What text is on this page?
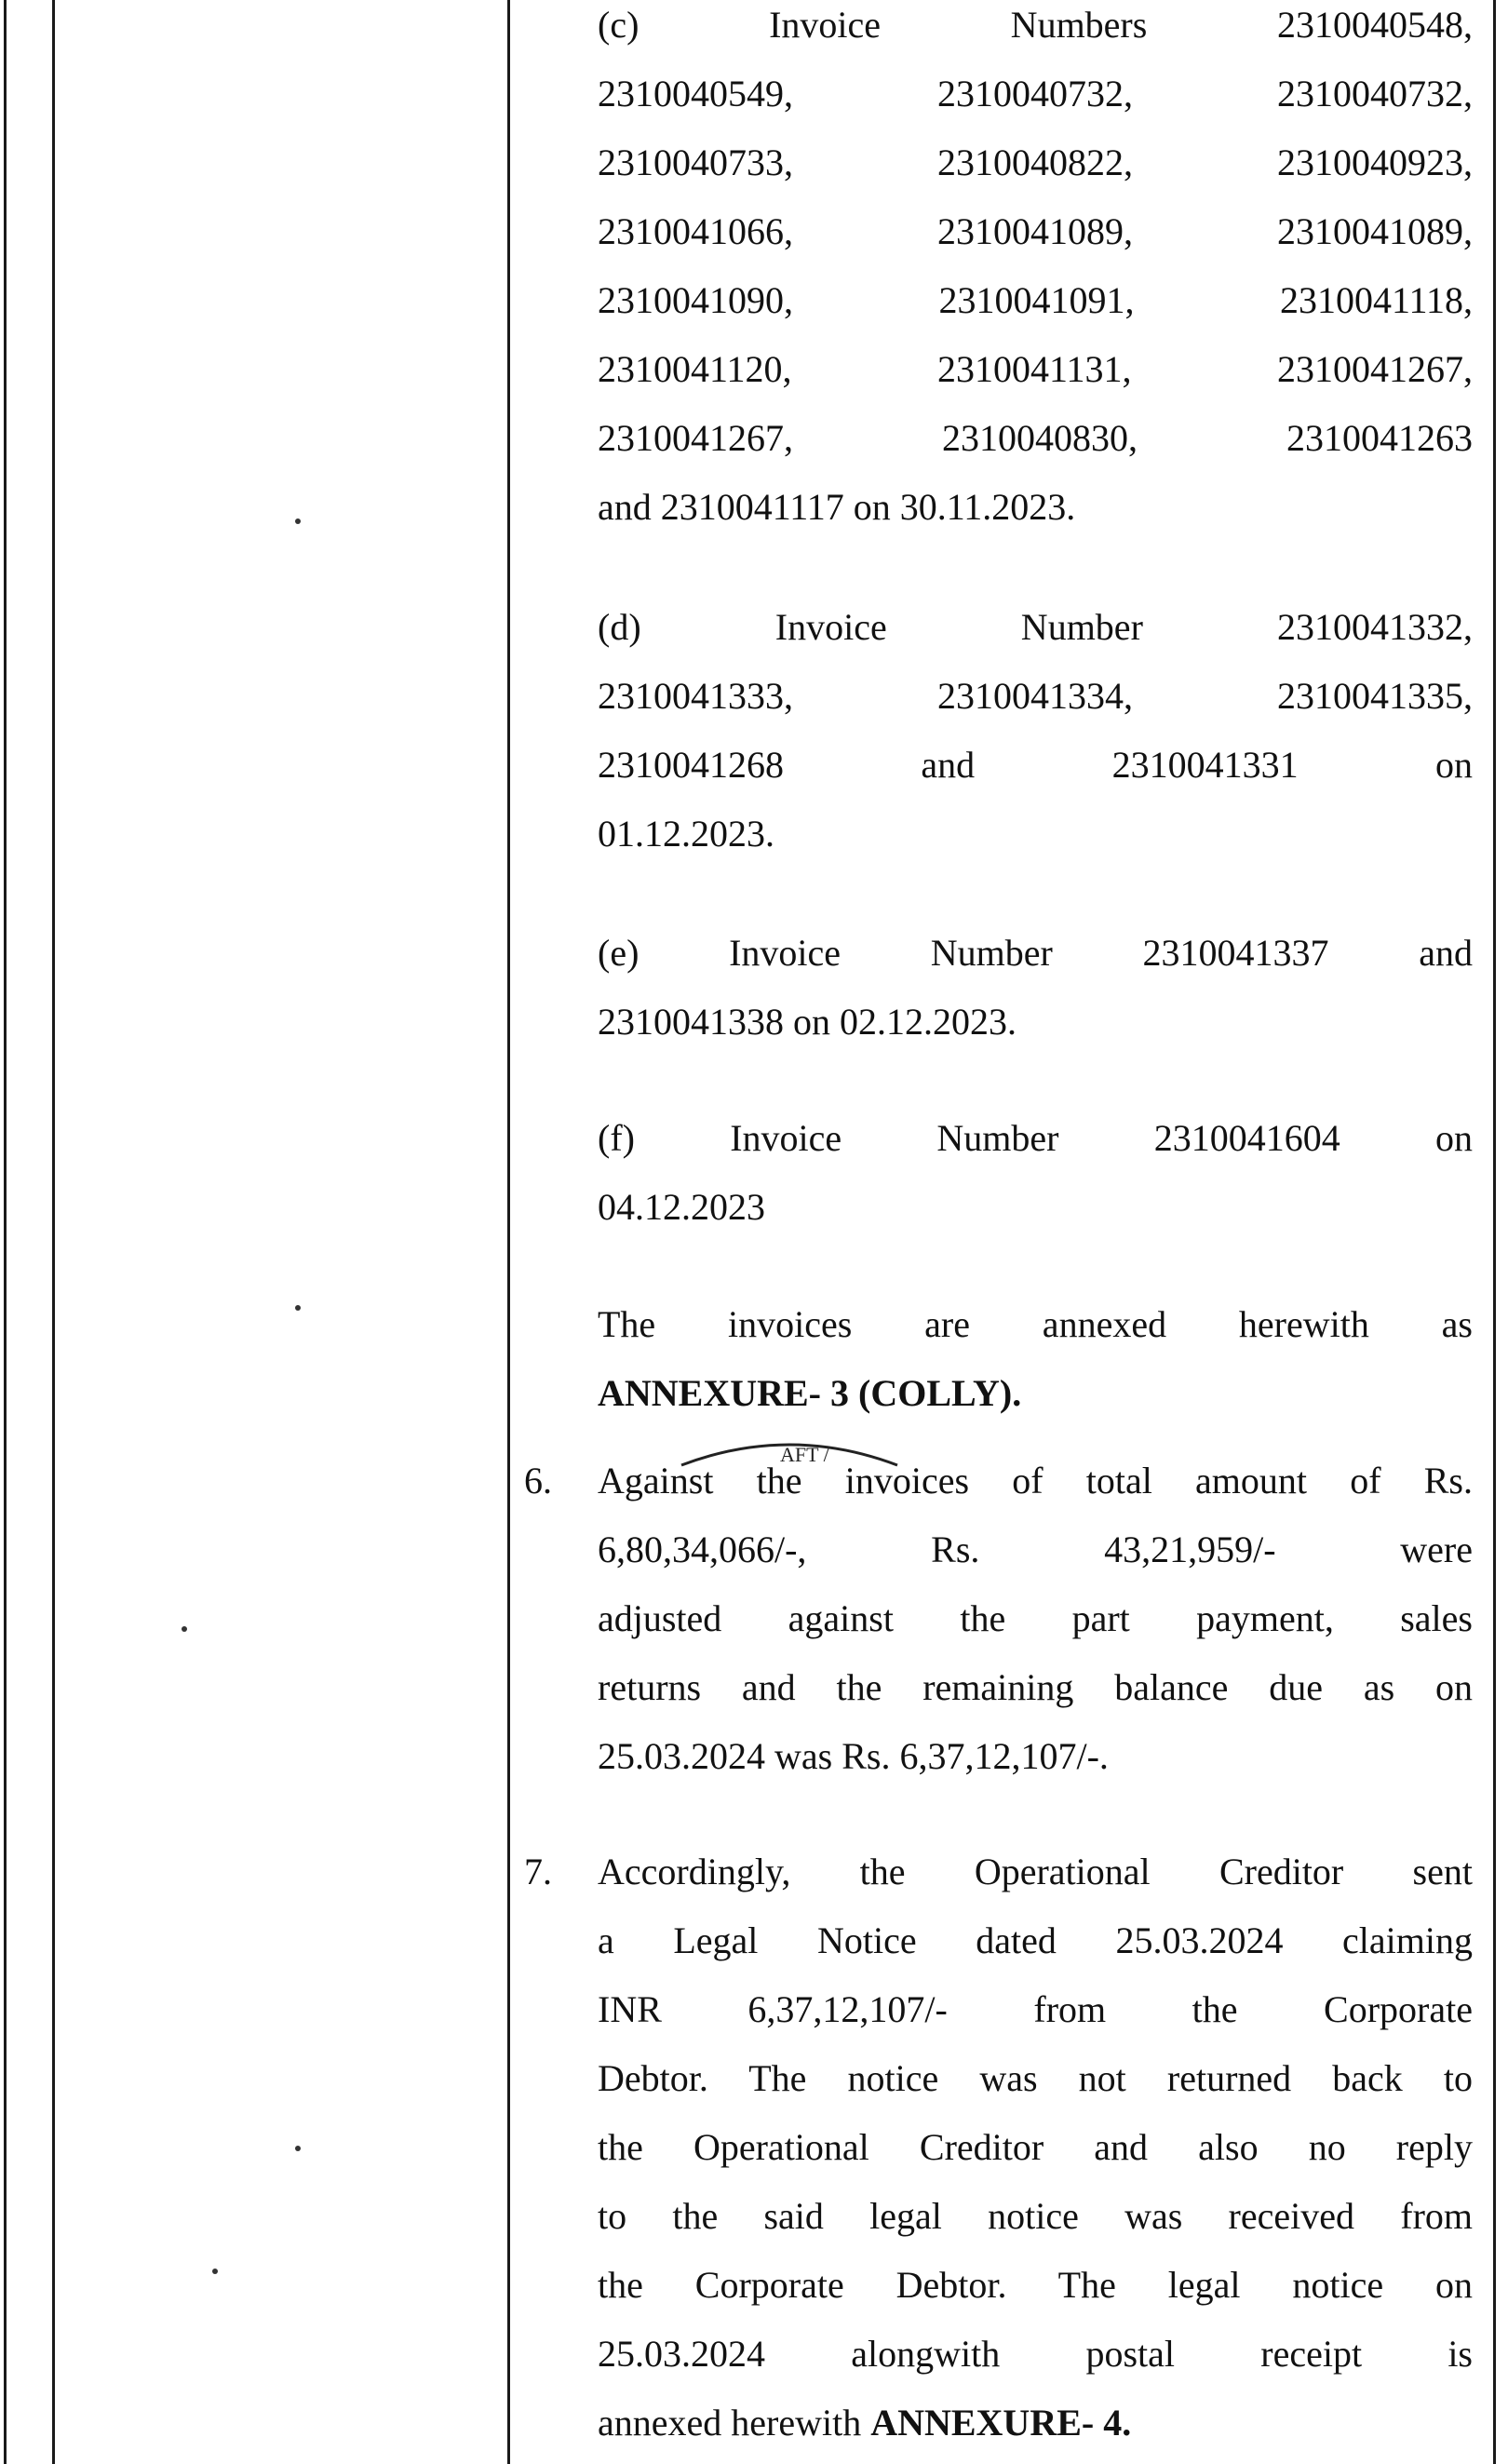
(c) Invoice Numbers 2310040548,
2310040549, 2310040732, 2310040732,
2310040733, 2310040822, 2310040923,
2310041066, 2310041089, 2310041089,
2310041090, 2310041091, 2310041118,
2310041120, 2310041131, 2310041267,
2310041267, 2310040830, 2310041263
and 2310041117 on 30.11.2023.
(d) Invoice Number 2310041332,
2310041333, 2310041334, 2310041335,
2310041268 and 2310041331 on
01.12.2023.
(e) Invoice Number 2310041337 and
2310041338 on 02.12.2023.
(f) Invoice Number 2310041604 on
04.12.2023
The invoices are annexed herewith as
ANNEXURE- 3 (COLLY).
AFT /
6. Against the invoices of total amount of Rs.
6,80,34,066/-, Rs. 43,21,959/- were
adjusted against the part payment, sales
returns and the remaining balance due as on
25.03.2024 was Rs. 6,37,12,107/-.
7. Accordingly, the Operational Creditor sent
a Legal Notice dated 25.03.2024 claiming
INR 6,37,12,107/- from the Corporate
Debtor. The notice was not returned back to
the Operational Creditor and also no reply
to the said legal notice was received from
the Corporate Debtor. The legal notice on
25.03.2024 alongwith postal receipt is
annexed herewith ANNEXURE- 4.
